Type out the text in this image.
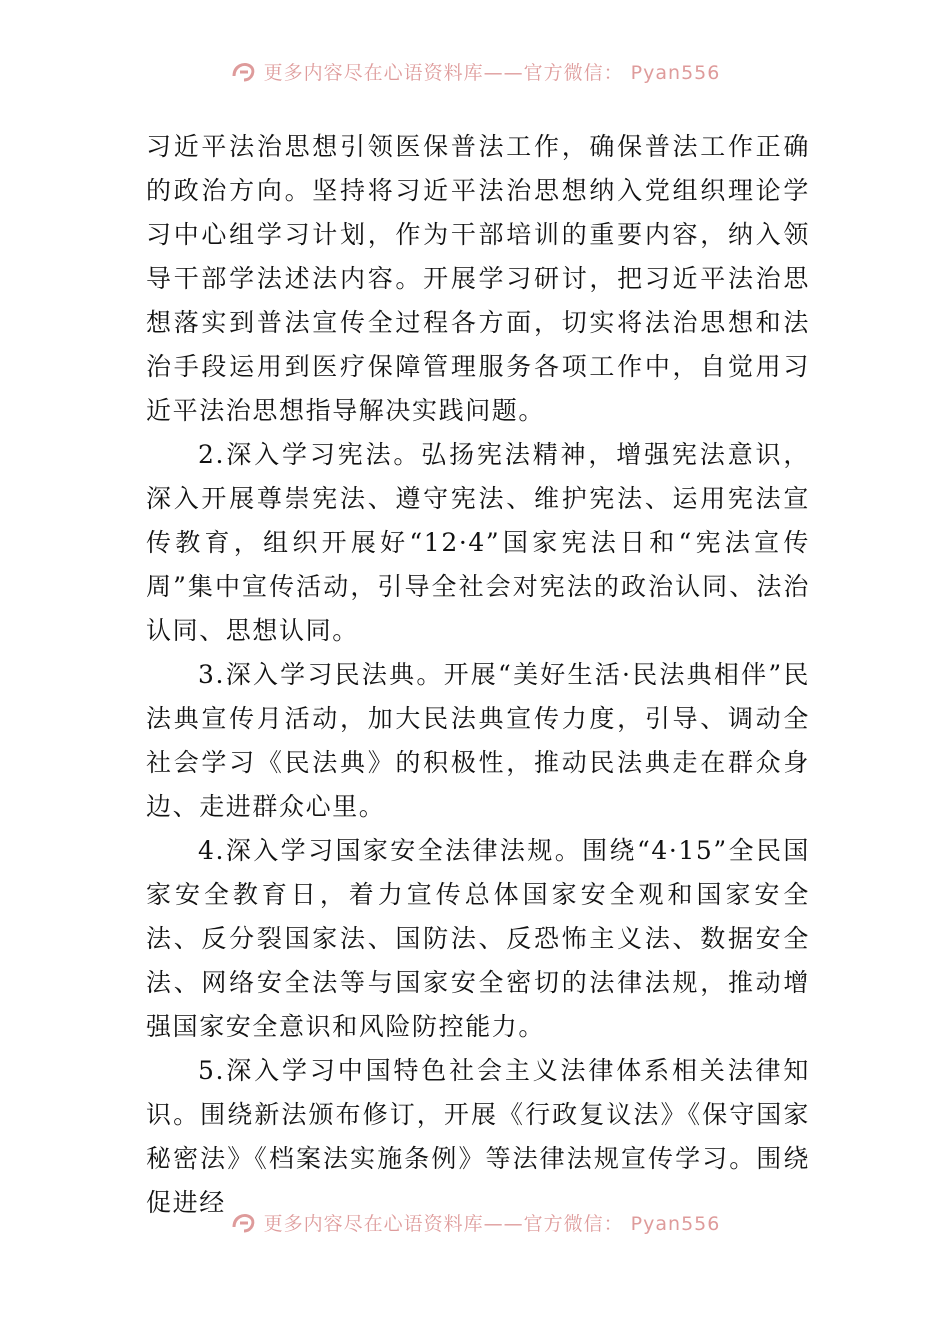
更多内容尽在心语资料库——官方微信： Pyan556

习近平法治思想引领医保普法工作，确保普法工作正确的政治方向。坚持将习近平法治思想纳入党组织理论学习中心组学习计划，作为干部培训的重要内容，纳入领导干部学法述法内容。开展学习研讨，把习近平法治思想落实到普法宣传全过程各方面，切实将法治思想和法治手段运用到医疗保障管理服务各项工作中，自觉用习近平法治思想指导解决实践问题。

2.深入学习宪法。弘扬宪法精神，增强宪法意识，深入开展尊崇宪法、遵守宪法、维护宪法、运用宪法宣传教育，组织开展好“12·4”国家宪法日和“宪法宣传周”集中宣传活动，引导全社会对宪法的政治认同、法治认同、思想认同。

3.深入学习民法典。开展“美好生活·民法典相伴”民法典宣传月活动，加大民法典宣传力度，引导、调动全社会学习《民法典》的积极性，推动民法典走在群众身边、走进群众心里。

4.深入学习国家安全法律法规。围绕“4·15”全民国家安全教育日，着力宣传总体国家安全观和国家安全法、反分裂国家法、国防法、反恐怖主义法、数据安全法、网络安全法等与国家安全密切的法律法规，推动增强国家安全意识和风险防控能力。

5.深入学习中国特色社会主义法律体系相关法律知识。围绕新法颁布修订，开展《行政复议法》《保守国家秘密法》《档案法实施条例》等法律法规宣传学习。围绕促进经

更多内容尽在心语资料库——官方微信： Pyan556
